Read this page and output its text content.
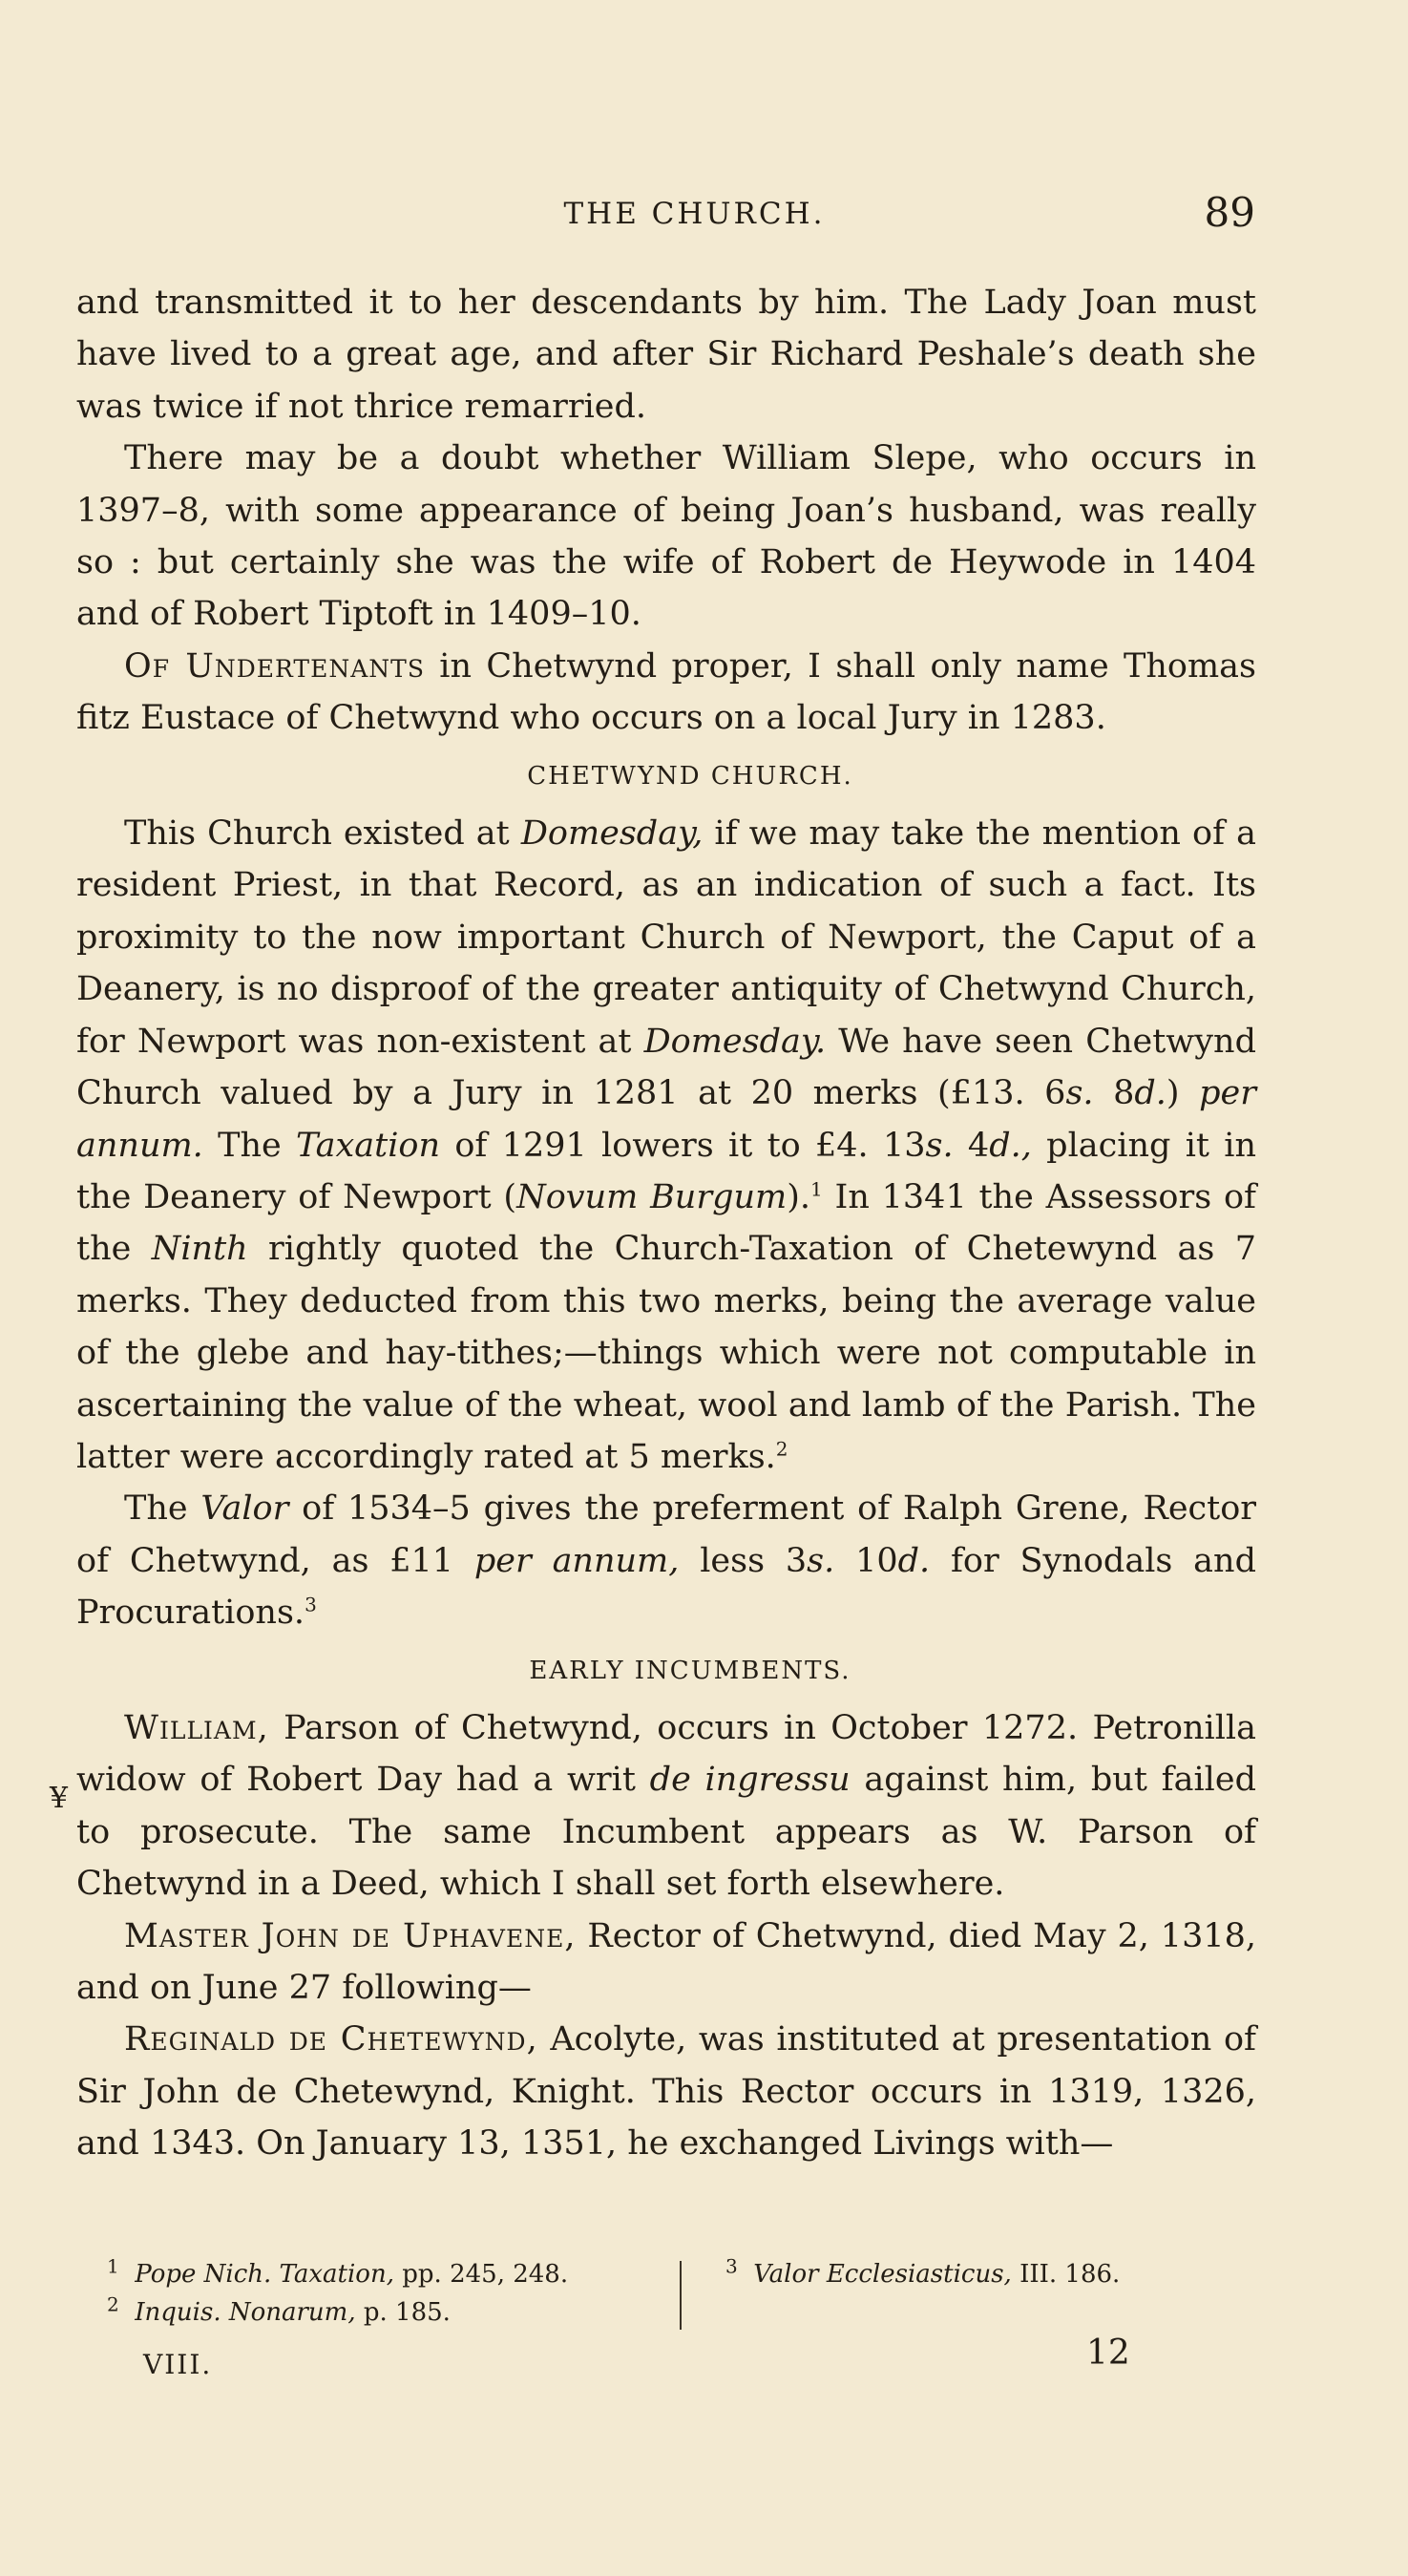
THE CHURCH.	89
¥

and transmitted it to her descendants by him. The Lady Joan must have lived to a great age, and after Sir Richard Peshale’s death she was twice if not thrice remarried.

There may be a doubt whether William Slepe, who occurs in 1397–8, with some appearance of being Joan’s husband, was really so : but certainly she was the wife of Robert de Heywode in 1404 and of Robert Tiptoft in 1409–10.

Of Undertenants in Chetwynd proper, I shall only name Thomas fitz Eustace of Chetwynd who occurs on a local Jury in 1283.

CHETWYND CHURCH.

This Church existed at Domesday, if we may take the mention of a resident Priest, in that Record, as an indication of such a fact. Its proximity to the now important Church of Newport, the Caput of a Deanery, is no disproof of the greater antiquity of Chetwynd Church, for Newport was non-existent at Domesday. We have seen Chetwynd Church valued by a Jury in 1281 at 20 merks (£13. 6s. 8d.) per annum. The Taxation of 1291 lowers it to £4. 13s. 4d., placing it in the Deanery of Newport (Novum Burgum).$^1$ In 1341 the Assessors of the Ninth rightly quoted the Church-Taxation of Chetewynd as 7 merks. They deducted from this two merks, being the average value of the glebe and hay-tithes;—things which were not computable in ascertaining the value of the wheat, wool and lamb of the Parish. The latter were accordingly rated at 5 merks.$^2$

The Valor of 1534–5 gives the preferment of Ralph Grene, Rector of Chetwynd, as £11 per annum, less 3s. 10d. for Synodals and Procurations.$^3$

EARLY INCUMBENTS.

William, Parson of Chetwynd, occurs in October 1272. Petronilla widow of Robert Day had a writ de ingressu against him, but failed to prosecute. The same Incumbent appears as W. Parson of Chetwynd in a Deed, which I shall set forth elsewhere.

Master John de Uphavene, Rector of Chetwynd, died May 2, 1318, and on June 27 following—

Reginald de Chetewynd, Acolyte, was instituted at presentation of Sir John de Chetewynd, Knight. This Rector occurs in 1319, 1326, and 1343. On January 13, 1351, he exchanged Livings with—

$^1$ Pope Nich. Taxation, pp. 245, 248.
$^2$ Inquis. Nonarum, p. 185.
$^3$ Valor Ecclesiasticus, III. 186.
VIII.	12
